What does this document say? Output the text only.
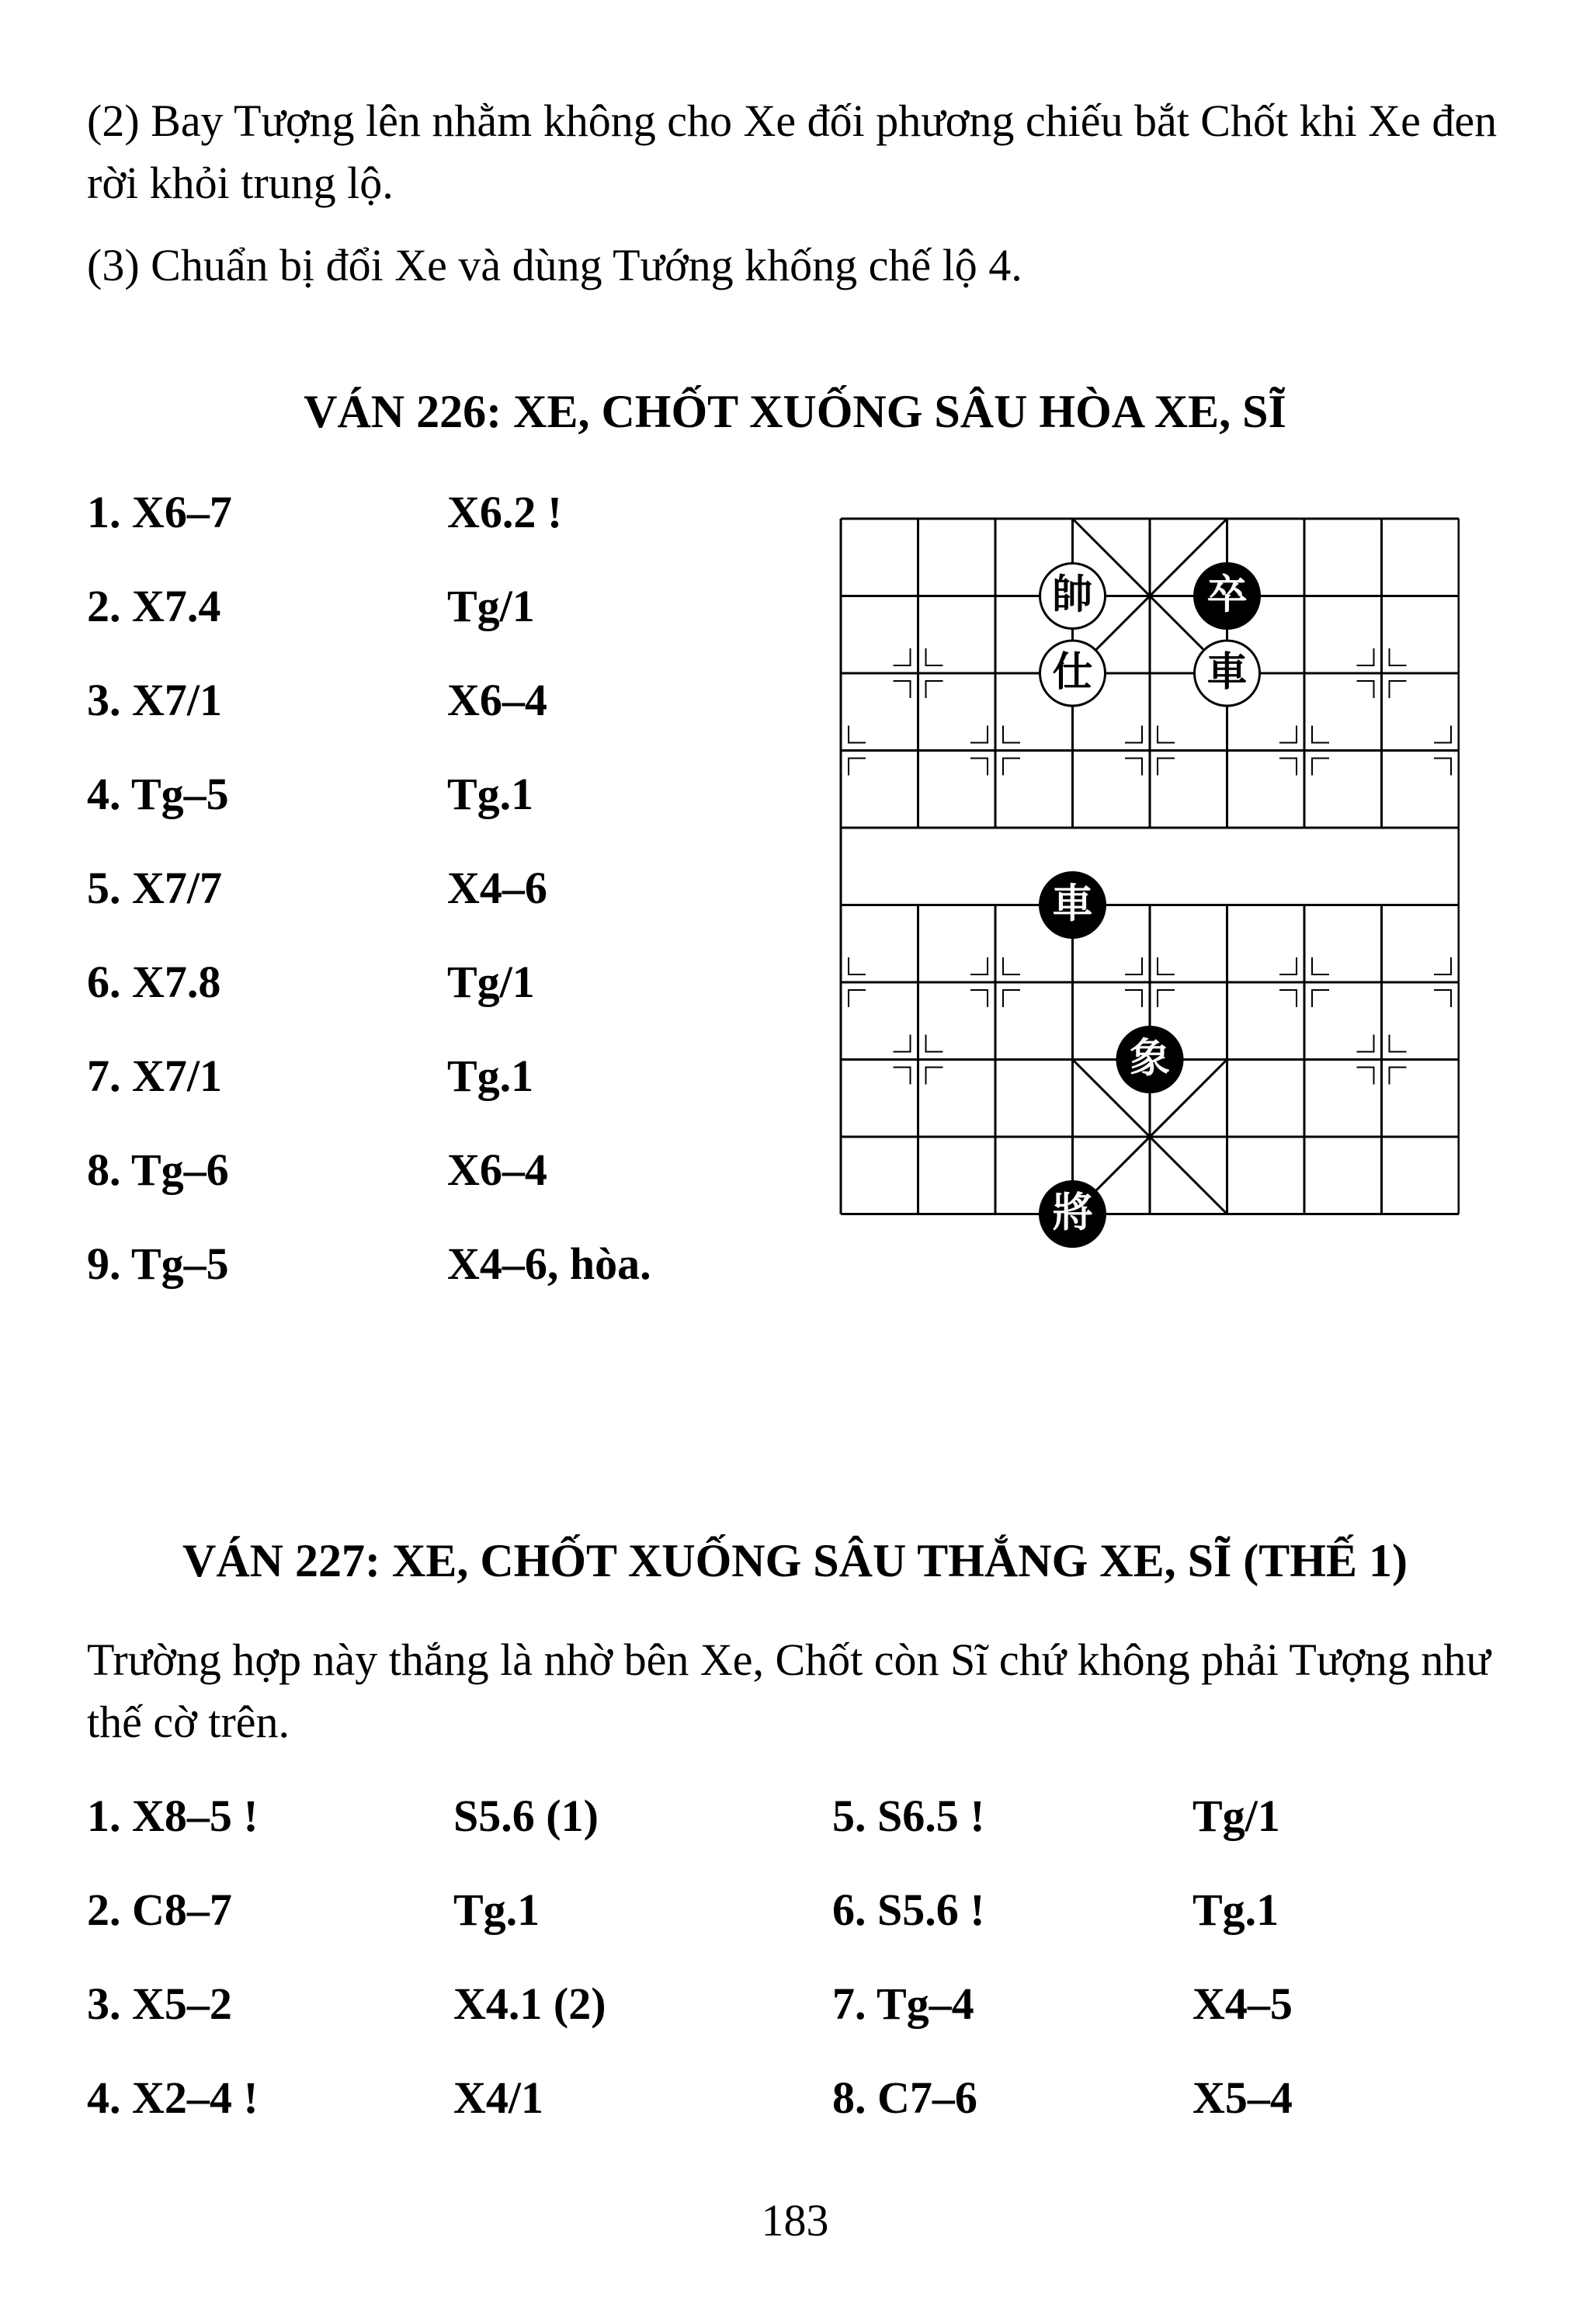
(2) Bay Tượng lên nhằm không cho Xe đối phương chiếu bắt Chốt khi Xe đen rời khỏi trung lộ.

(3) Chuẩn bị đổi Xe và dùng Tướng khống chế lộ 4.

VÁN 226: XE, CHỐT XUỐNG SÂU HÒA XE, SĨ
1. X6–7	X6.2 !
2. X7.4	Tg/1
3. X7/1	X6–4
4. Tg–5	Tg.1
5. X7/7	X4–6
6. X7.8	Tg/1
7. X7/1	Tg.1
8. Tg–6	X6–4
9. Tg–5	X4–6, hòa.
帥	卒
仕	車
車
象
將
VÁN 227: XE, CHỐT XUỐNG SÂU THẮNG XE, SĨ (THẾ 1)

Trường hợp này thắng là nhờ bên Xe, Chốt còn Sĩ chứ không phải Tượng như thế cờ trên.

1. X8–5 !	S5.6 (1)	5. S6.5 !	Tg/1
2. C8–7	Tg.1	6. S5.6 !	Tg.1
3. X5–2	X4.1 (2)	7. Tg–4	X4–5
4. X2–4 !	X4/1	8. C7–6	X5–4

183
